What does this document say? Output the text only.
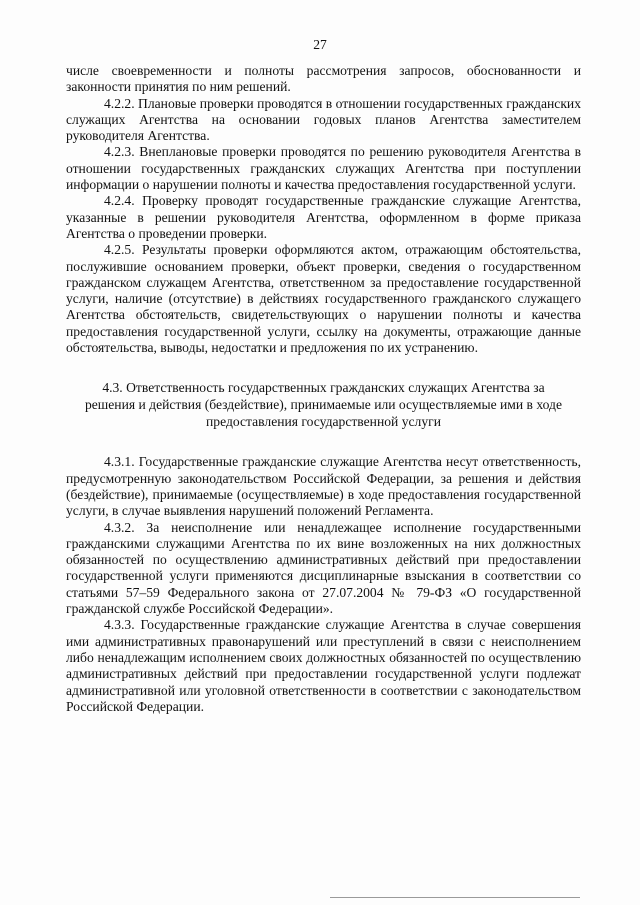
27

числе своевременности и полноты рассмотрения запросов, обоснованности и законности принятия по ним решений.

4.2.2. Плановые проверки проводятся в отношении государственных гражданских служащих Агентства на основании годовых планов Агентства заместителем руководителя Агентства.

4.2.3. Внеплановые проверки проводятся по решению руководителя Агентства в отношении государственных гражданских служащих Агентства при поступлении информации о нарушении полноты и качества предоставления государственной услуги.

4.2.4. Проверку проводят государственные гражданские служащие Агентства, указанные в решении руководителя Агентства, оформленном в форме приказа Агентства о проведении проверки.

4.2.5. Результаты проверки оформляются актом, отражающим обстоятельства, послужившие основанием проверки, объект проверки, сведения о государственном гражданском служащем Агентства, ответственном за предоставление государственной услуги, наличие (отсутствие) в действиях государственного гражданского служащего Агентства обстоятельств, свидетельствующих о нарушении полноты и качества предоставления государственной услуги, ссылку на документы, отражающие данные обстоятельства, выводы, недостатки и предложения по их устранению.

4.3. Ответственность государственных гражданских служащих Агентства за решения и действия (бездействие), принимаемые или осуществляемые ими в ходе предоставления государственной услуги

4.3.1. Государственные гражданские служащие Агентства несут ответственность, предусмотренную законодательством Российской Федерации, за решения и действия (бездействие), принимаемые (осуществляемые) в ходе предоставления государственной услуги, в случае выявления нарушений положений Регламента.

4.3.2. За неисполнение или ненадлежащее исполнение государственными гражданскими служащими Агентства по их вине возложенных на них должностных обязанностей по осуществлению административных действий при предоставлении государственной услуги применяются дисциплинарные взыскания в соответствии со статьями 57–59 Федерального закона от 27.07.2004 № 79-ФЗ «О государственной гражданской службе Российской Федерации».

4.3.3. Государственные гражданские служащие Агентства в случае совершения ими административных правонарушений или преступлений в связи с неисполнением либо ненадлежащим исполнением своих должностных обязанностей по осуществлению административных действий при предоставлении государственной услуги подлежат административной или уголовной ответственности в соответствии с законодательством Российской Федерации.
